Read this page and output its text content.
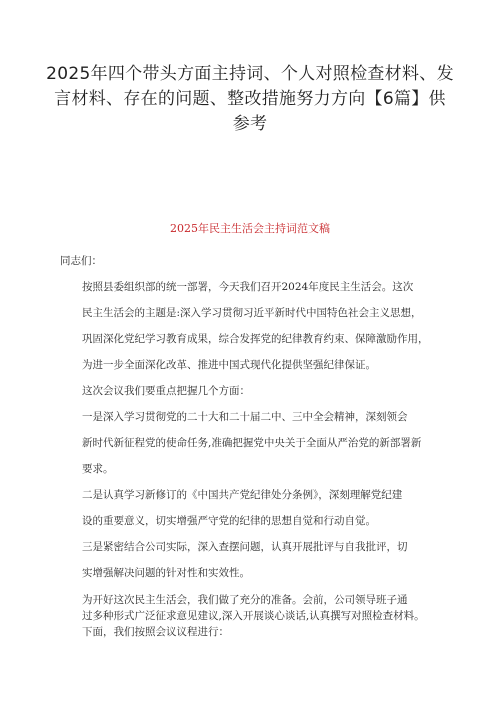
2025年四个带头方面主持词、个人对照检查材料、发
言材料、存在的问题、整改措施努力方向【6篇】供
参考
2025年民主生活会主持词范文稿

同志们：

按照县委组织部的统一部署，今天我们召开2024年度民主生活会。这次
民主生活会的主题是:深入学习贯彻习近平新时代中国特色社会主义思想，
巩固深化党纪学习教育成果，综合发挥党的纪律教育约束、保障激励作用，
为进一步全面深化改革、推进中国式现代化提供坚强纪律保证。

这次会议我们要重点把握几个方面：

一是深入学习贯彻党的二十大和二十届二中、三中全会精神，深刻领会
新时代新征程党的使命任务,准确把握党中央关于全面从严治党的新部署新
要求。

二是认真学习新修订的《中国共产党纪律处分条例》，深刻理解党纪建
设的重要意义，切实增强严守党的纪律的思想自觉和行动自觉。

三是紧密结合公司实际，深入查摆问题，认真开展批评与自我批评，切
实增强解决问题的针对性和实效性。

为开好这次民主生活会，我们做了充分的准备。会前，公司领导班子通
过多种形式广泛征求意见建议,深入开展谈心谈话,认真撰写对照检查材料。
下面，我们按照会议议程进行：
